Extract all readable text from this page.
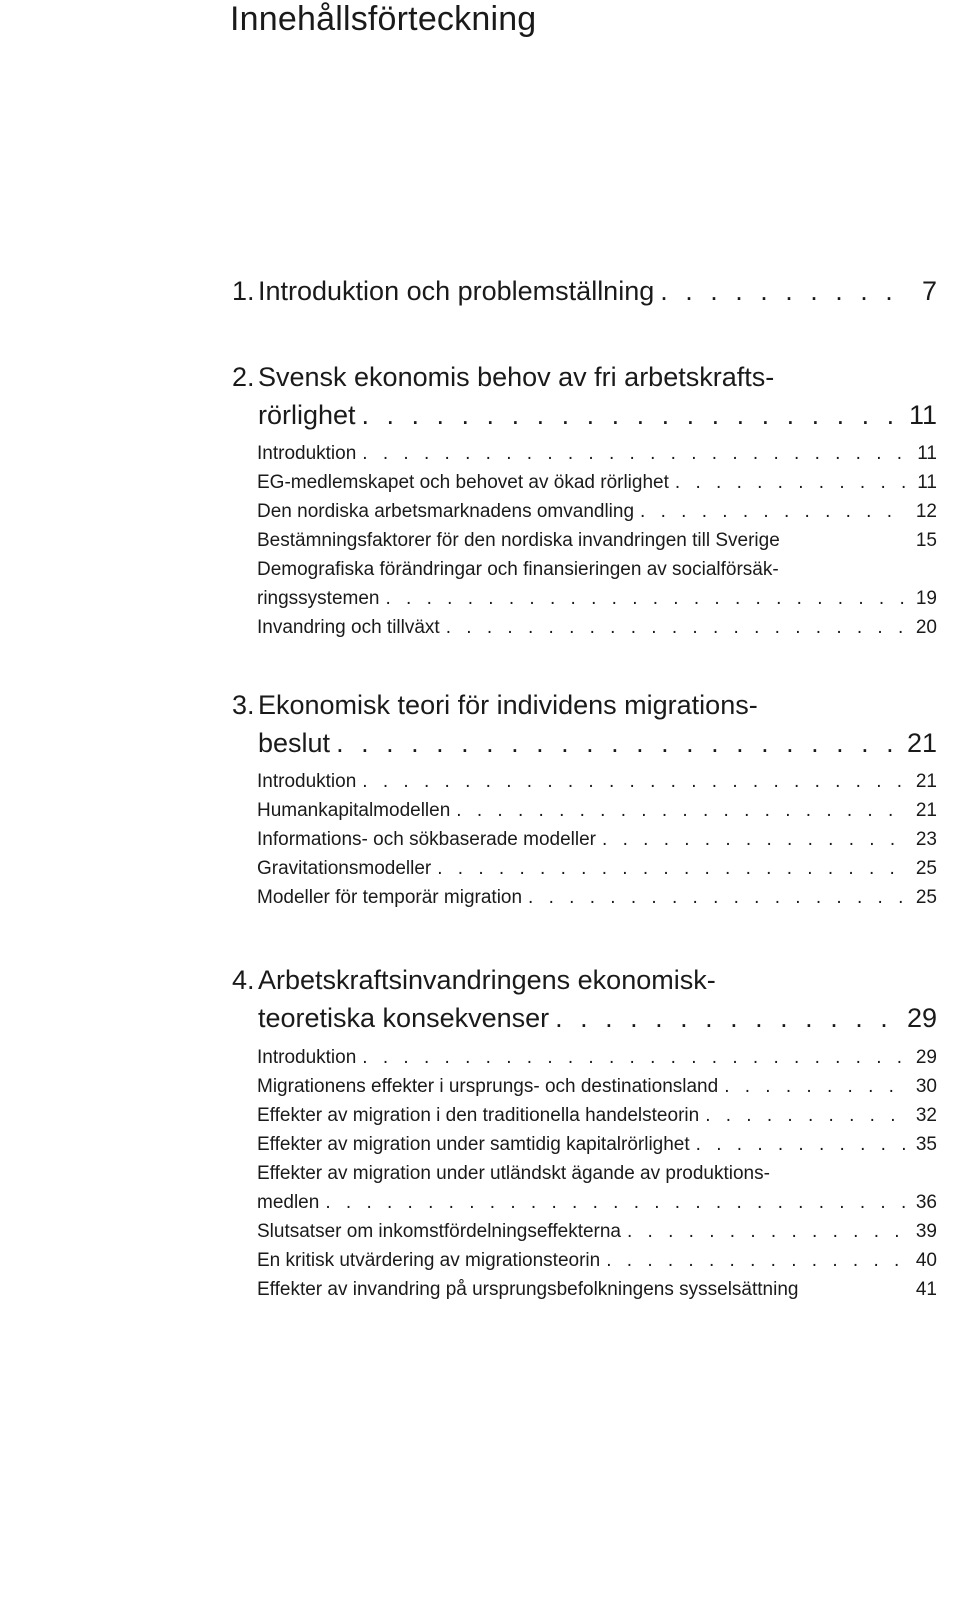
Innehållsförteckning
1. Introduktion och problemställning . . .	7
2. Svensk ekonomis behov av fri arbetskrafts-
rörlighet . . .	11
Introduktion . . .	11
EG-medlemskapet och behovet av ökad rörlighet . . .	11
Den nordiska arbetsmarknadens omvandling . . .	12
Bestämningsfaktorer för den nordiska invandringen till Sverige	15
Demografiska förändringar och finansieringen av socialförsäk-
ringssystemen . . .	19
Invandring och tillväxt . . .	20
3. Ekonomisk teori för individens migrations-
beslut . . .	21
Introduktion . . .	21
Humankapitalmodellen . . .	21
Informations- och sökbaserade modeller . . .	23
Gravitationsmodeller . . .	25
Modeller för temporär migration . . .	25
4. Arbetskraftsinvandringens ekonomisk-
teoretiska konsekvenser . . .	29
Introduktion . . .	29
Migrationens effekter i ursprungs- och destinationsland . . .	30
Effekter av migration i den traditionella handelsteorin . . .	32
Effekter av migration under samtidig kapitalrörlighet . . .	35
Effekter av migration under utländskt ägande av produktions-
medlen . . .	36
Slutsatser om inkomstfördelningseffekterna . . .	39
En kritisk utvärdering av migrationsteorin . . .	40
Effekter av invandring på ursprungsbefolkningens sysselsättning	41
